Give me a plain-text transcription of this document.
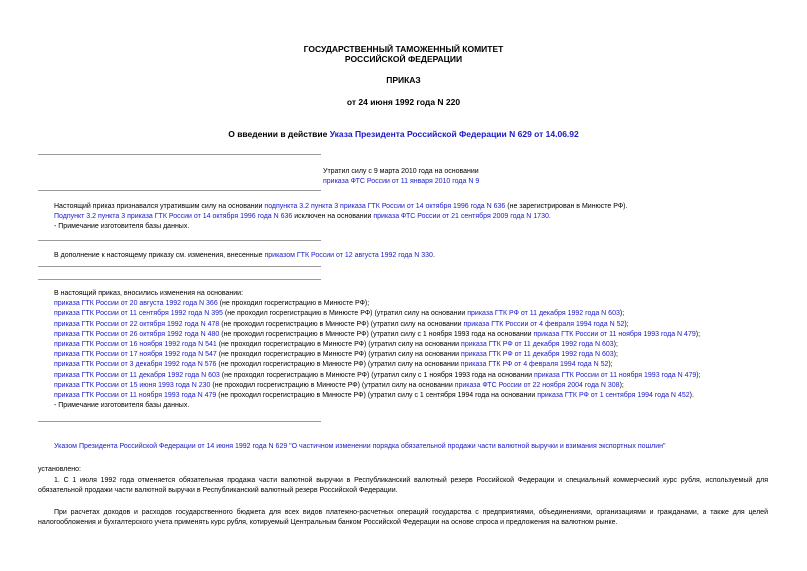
ГОСУДАРСТВЕННЫЙ ТАМОЖЕННЫЙ КОМИТЕТ
РОССИЙСКОЙ ФЕДЕРАЦИИ
ПРИКАЗ
от 24 июня 1992 года N 220
О введении в действие Указа Президента Российской Федерации N 629 от 14.06.92
Утратил силу с 9 марта 2010 года на основании
приказа ФТС России от 11 января 2010 года N 9
Настоящий приказ признавался утратившим силу на основании подпункта 3.2 пункта 3 приказа ГТК России от 14 октября 1996 года N 636 (не зарегистрирован в Минюсте РФ).
Подпункт 3.2 пункта 3 приказа ГТК России от 14 октября 1996 года N 636 исключен на основании приказа ФТС России от 21 сентября 2009 года N 1730.
- Примечание изготовителя базы данных.
В дополнение к настоящему приказу см. изменения, внесенные приказом ГТК России от 12 августа 1992 года N 330.
В настоящий приказ, вносились изменения на основании:
приказа ГТК России от 20 августа 1992 года N 366 (не проходил госрегистрацию в Минюсте РФ);
приказа ГТК России от 11 сентября 1992 года N 395 (не проходил госрегистрацию в Минюсте РФ) (утратил силу на основании приказа ГТК РФ от 11 декабря 1992 года N 603);
приказа ГТК России от 22 октября 1992 года N 478 (не проходил госрегистрацию в Минюсте РФ) (утратил силу на основании приказа ГТК России от 4 февраля 1994 года N 52);
приказа ГТК России от 26 октября 1992 года N 480 (не проходил госрегистрацию в Минюсте РФ) (утратил силу с 1 ноября 1993 года на основании приказа ГТК России от 11 ноября 1993 года N 479);
приказа ГТК России от 16 ноября 1992 года N 541 (не проходил госрегистрацию в Минюсте РФ) (утратил силу на основании приказа ГТК РФ от 11 декабря 1992 года N 603);
приказа ГТК России от 17 ноября 1992 года N 547 (не проходил госрегистрацию в Минюсте РФ) (утратил силу на основании приказа ГТК РФ от 11 декабря 1992 года N 603);
приказа ГТК России от 3 декабря 1992 года N 576 (не проходил госрегистрацию в Минюсте РФ) (утратил силу на основании приказа ГТК РФ от 4 февраля 1994 года N 52);
приказа ГТК России от 11 декабря 1992 года N 603 (не проходил госрегистрацию в Минюсте РФ) (утратил силу с 1 ноября 1993 года на основании приказа ГТК России от 11 ноября 1993 года N 479);
приказа ГТК России от 15 июня 1993 года N 230 (не проходил госрегистрацию в Минюсте РФ) (утратил силу на основании приказа ФТС России от 22 ноября 2004 года N 308);
приказа ГТК России от 11 ноября 1993 года N 479 (не проходил госрегистрацию в Минюсте РФ) (утратил силу с 1 сентября 1994 года на основании приказа ГТК РФ от 1 сентября 1994 года N 452).
- Примечание изготовителя базы данных.
Указом Президента Российской Федерации от 14 июня 1992 года N 629 "О частичном изменении порядка обязательной продажи части валютной выручки и взимания экспортных пошлин"
установлено:
1. С 1 июля 1992 года отменяется обязательная продажа части валютной выручки в Республиканский валютный резерв Российской Федерации и специальный коммерческий курс рубля, используемый для обязательной продажи части валютной выручки в Республиканский валютный резерв Российской Федерации.
При расчетах доходов и расходов государственного бюджета для всех видов платежно-расчетных операций государства с предприятиями, объединениями, организациями и гражданами, а также для целей налогообложения и бухгалтерского учета применять курс рубля, котируемый Центральным банком Российской Федерации на основе спроса и предложения на валютном рынке.
